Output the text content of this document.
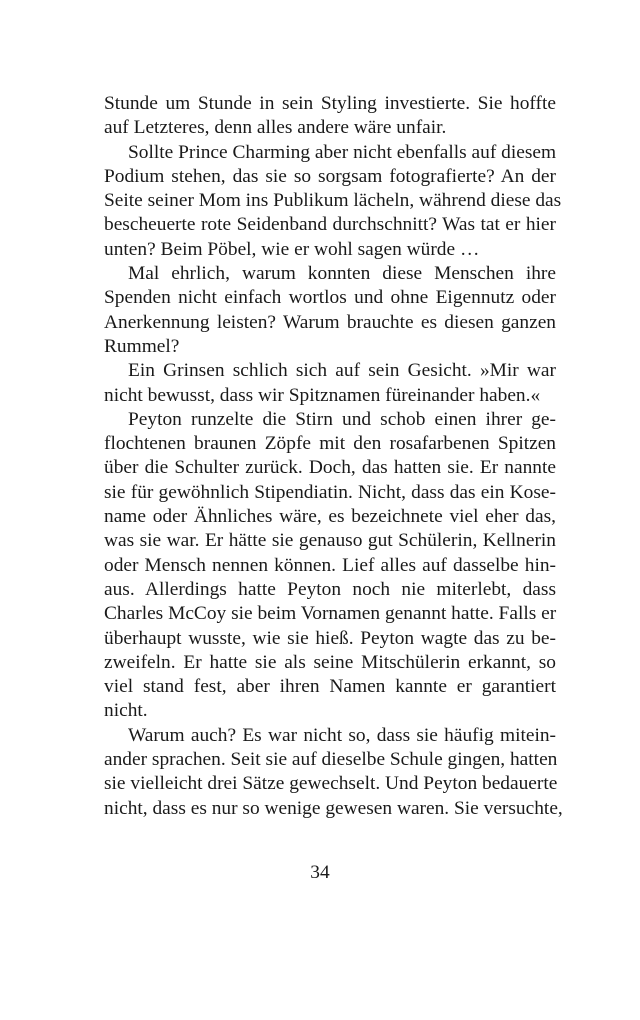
Stunde um Stunde in sein Styling investierte. Sie hoffte
auf Letzteres, denn alles andere wäre unfair.
Sollte Prince Charming aber nicht ebenfalls auf diesem
Podium stehen, das sie so sorgsam fotografierte? An der
Seite seiner Mom ins Publikum lächeln, während diese das
bescheuerte rote Seidenband durchschnitt? Was tat er hier
unten? Beim Pöbel, wie er wohl sagen würde …
Mal ehrlich, warum konnten diese Menschen ihre
Spenden nicht einfach wortlos und ohne Eigennutz oder
Anerkennung leisten? Warum brauchte es diesen ganzen
Rummel?
Ein Grinsen schlich sich auf sein Gesicht. »Mir war
nicht bewusst, dass wir Spitznamen füreinander haben.«
Peyton runzelte die Stirn und schob einen ihrer ge-
flochtenen braunen Zöpfe mit den rosafarbenen Spitzen
über die Schulter zurück. Doch, das hatten sie. Er nannte
sie für gewöhnlich Stipendiatin. Nicht, dass das ein Kose-
name oder Ähnliches wäre, es bezeichnete viel eher das,
was sie war. Er hätte sie genauso gut Schülerin, Kellnerin
oder Mensch nennen können. Lief alles auf dasselbe hin-
aus. Allerdings hatte Peyton noch nie miterlebt, dass
Charles McCoy sie beim Vornamen genannt hatte. Falls er
überhaupt wusste, wie sie hieß. Peyton wagte das zu be-
zweifeln. Er hatte sie als seine Mitschülerin erkannt, so
viel stand fest, aber ihren Namen kannte er garantiert
nicht.
Warum auch? Es war nicht so, dass sie häufig mitein-
ander sprachen. Seit sie auf dieselbe Schule gingen, hatten
sie vielleicht drei Sätze gewechselt. Und Peyton bedauerte
nicht, dass es nur so wenige gewesen waren. Sie versuchte,
34
